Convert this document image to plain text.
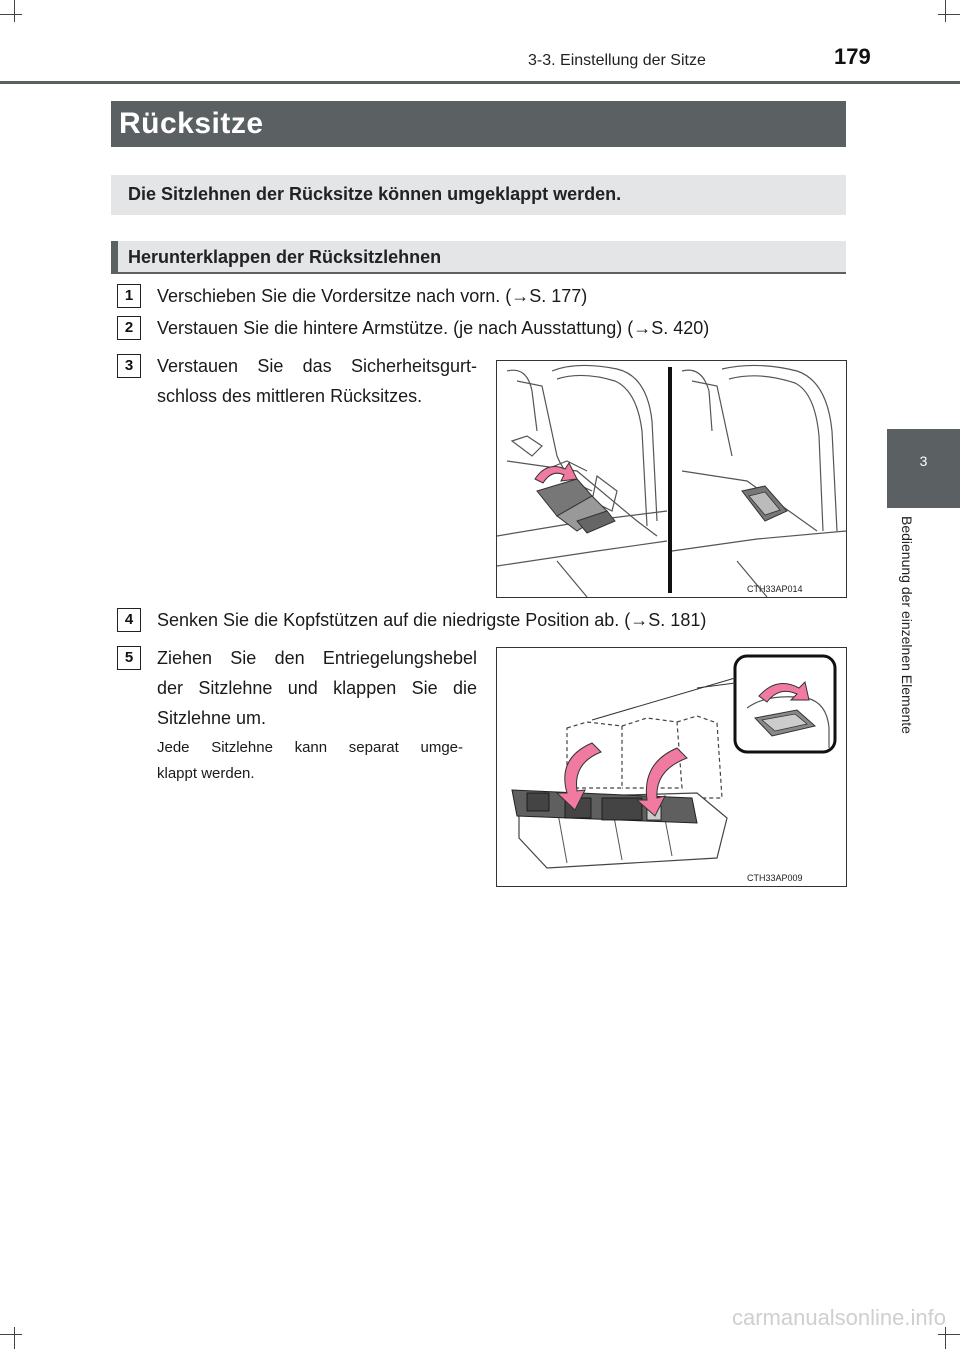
3-3. Einstellung der Sitze	179
Rücksitze
Die Sitzlehnen der Rücksitze können umgeklappt werden.
Herunterklappen der Rücksitzlehnen
1	Verschieben Sie die Vordersitze nach vorn. (→S. 177)
2	Verstauen Sie die hintere Armstütze. (je nach Ausstattung) (→S. 420)
3	Verstauen Sie das Sicherheitsgurt-
schloss des mittleren Rücksitzes.
CTH33AP014
4	Senken Sie die Kopfstützen auf die niedrigste Position ab. (→S. 181)
5	Ziehen Sie den Entriegelungshebel
der Sitzlehne und klappen Sie die
Sitzlehne um.
Jede Sitzlehne kann separat umge-
klappt werden.
CTH33AP009
3
Bedienung der einzelnen Elemente
carmanualsonline.info
